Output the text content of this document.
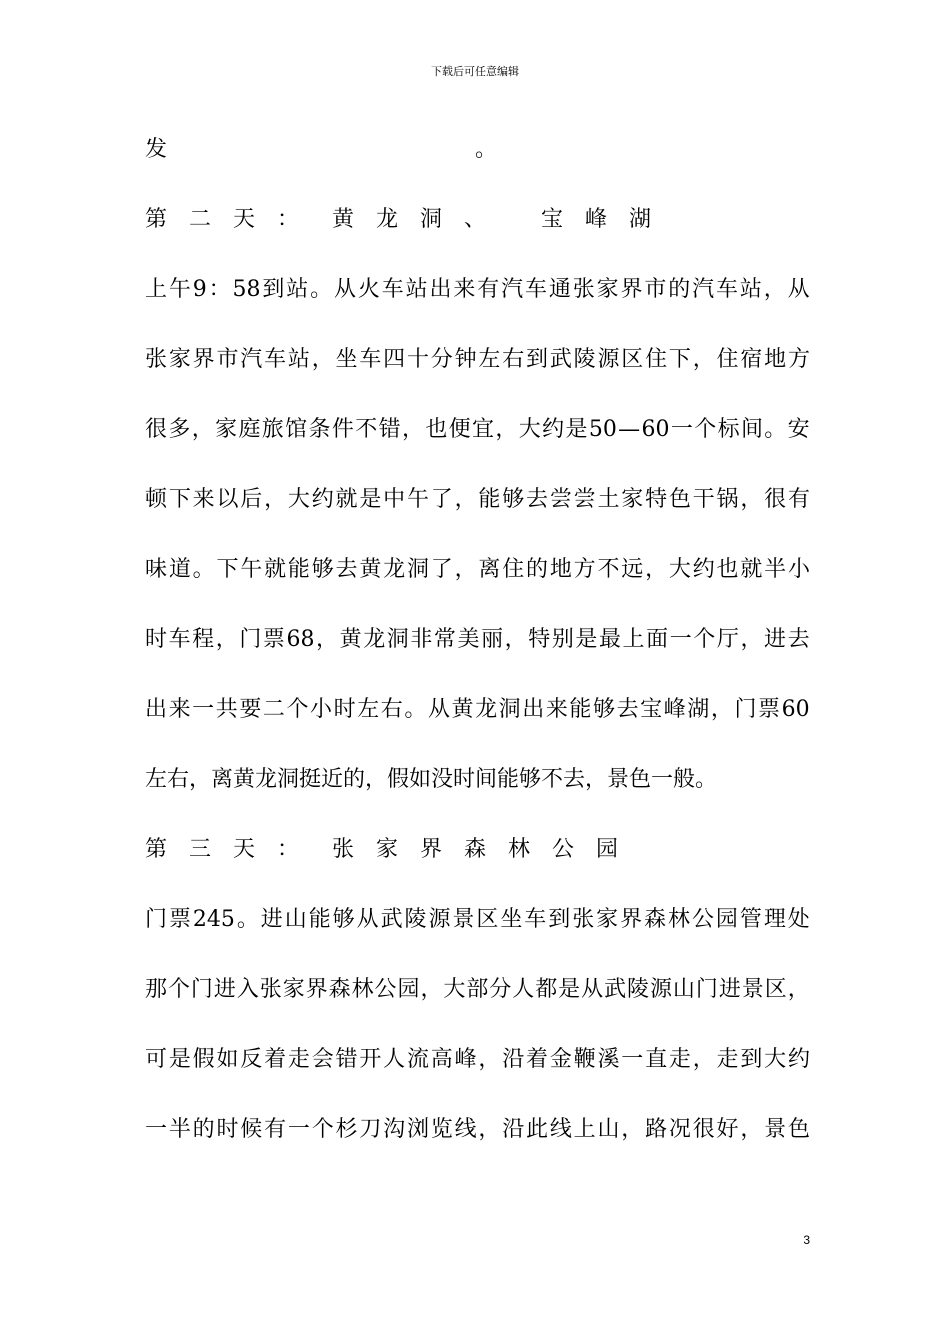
下载后可任意编辑
发　　　　　　　　　　　　　　。
第　二　天　：　　黄　龙　洞　、　　　宝　峰　湖　
上 午 9 ： 58 到 站 。 从 火 车 站 出 来 有 汽 车 通 张 家 界 市 的 汽 车 站 ， 从
张 家 界 市 汽 车 站 ， 坐 车 四 十 分 钟 左 右 到 武 陵 源 区 住 下 ， 住 宿 地 方
很 多 ， 家 庭 旅 馆 条 件 不 错 ， 也 便 宜 ， 大 约 是 50 — 60 一 个 标 间 。 安
顿 下 来 以 后 ， 大 约 就 是 中 午 了 ， 能 够 去 尝 尝 土 家 特 色 干 锅 ， 很 有
味 道 。 下 午 就 能 够 去 黄 龙 洞 了 ， 离 住 的 地 方 不 远 ， 大 约 也 就 半 小
时 车 程 ， 门 票 68 ， 黄 龙 洞 非 常 美 丽 ， 特 别 是 最 上 面 一 个 厅 ， 进 去
出 来 一 共 要 二 个 小 时 左 右 。 从 黄 龙 洞 出 来 能 够 去 宝 峰 湖 ， 门 票 60
左右，离黄龙洞挺近的，假如没时间能够不去，景色一般。
第　三　天　：　　张　家　界　森　林　公　园　
门 票 245 。 进 山 能 够 从 武 陵 源 景 区 坐 车 到 张 家 界 森 林 公 园 管 理 处
那 个 门 进 入 张 家 界 森 林 公 园 ， 大 部 分 人 都 是 从 武 陵 源 山 门 进 景 区 ，
可 是 假 如 反 着 走 会 错 开 人 流 高 峰 ， 沿 着 金 鞭 溪 一 直 走 ， 走 到 大 约
一 半 的 时 候 有 一 个 杉 刀 沟 浏 览 线 ， 沿 此 线 上 山 ， 路 况 很 好 ， 景 色
3
